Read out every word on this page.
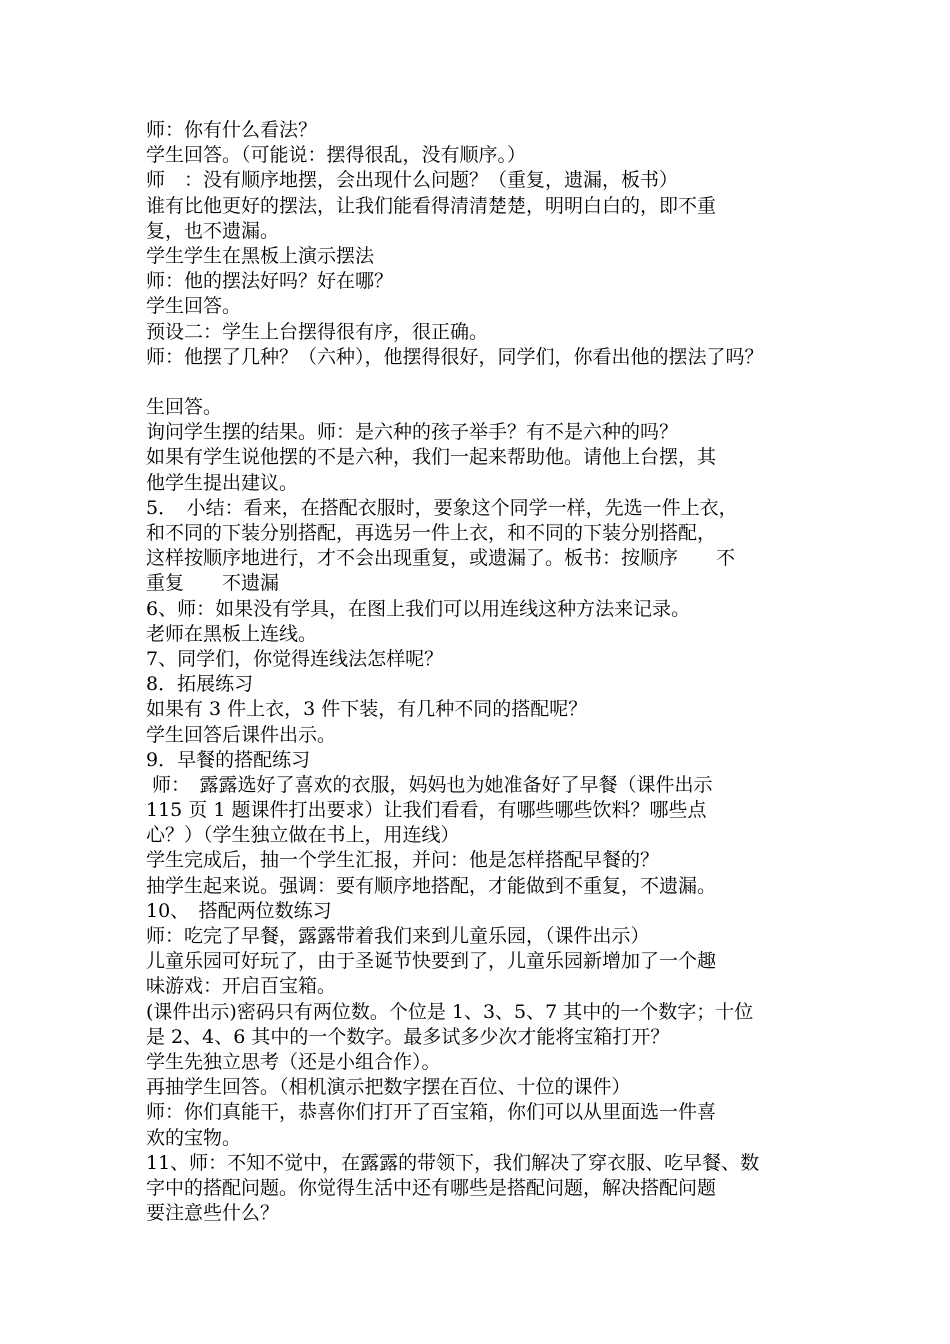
师：你有什么看法？
学生回答。（可能说：摆得很乱，没有顺序。）
师　：没有顺序地摆，会出现什么问题？（重复，遗漏，板书）
谁有比他更好的摆法，让我们能看得清清楚楚，明明白白的，即不重
复，也不遗漏。
学生学生在黑板上演示摆法
师：他的摆法好吗？好在哪？
学生回答。
预设二：学生上台摆得很有序，很正确。
师：他摆了几种？（六种），他摆得很好，同学们，你看出他的摆法了吗？
生回答。
询问学生摆的结果。师：是六种的孩子举手？有不是六种的吗？
如果有学生说他摆的不是六种，我们一起来帮助他。请他上台摆，其
他学生提出建议。
5．　小结：看来，在搭配衣服时，要象这个同学一样，先选一件上衣，
和不同的下装分别搭配，再选另一件上衣，和不同的下装分别搭配，
这样按顺序地进行，才不会出现重复，或遗漏了。板书：按顺序　　不
重复　　不遗漏
6、师：如果没有学具，在图上我们可以用连线这种方法来记录。
老师在黑板上连线。
7、同学们，你觉得连线法怎样呢？
8．拓展练习
如果有 3 件上衣，3 件下装，有几种不同的搭配呢？
学生回答后课件出示。
9．早餐的搭配练习
师：　露露选好了喜欢的衣服，妈妈也为她准备好了早餐（课件出示
115 页 1 题课件打出要求）让我们看看，有哪些哪些饮料？哪些点
心？）（学生独立做在书上，用连线）
学生完成后，抽一个学生汇报，并问：他是怎样搭配早餐的？
抽学生起来说。强调：要有顺序地搭配，才能做到不重复，不遗漏。
10、　搭配两位数练习
师：吃完了早餐，露露带着我们来到儿童乐园，（课件出示）
儿童乐园可好玩了，由于圣诞节快要到了，儿童乐园新增加了一个趣
味游戏：开启百宝箱。
(课件出示)密码只有两位数。个位是 1、3、5、7 其中的一个数字；十位
是 2、4、6 其中的一个数字。最多试多少次才能将宝箱打开？
学生先独立思考（还是小组合作）。
再抽学生回答。（相机演示把数字摆在百位、十位的课件）
师：你们真能干，恭喜你们打开了百宝箱，你们可以从里面选一件喜
欢的宝物。
11、师：不知不觉中，在露露的带领下，我们解决了穿衣服、吃早餐、数
字中的搭配问题。你觉得生活中还有哪些是搭配问题，解决搭配问题
要注意些什么？
